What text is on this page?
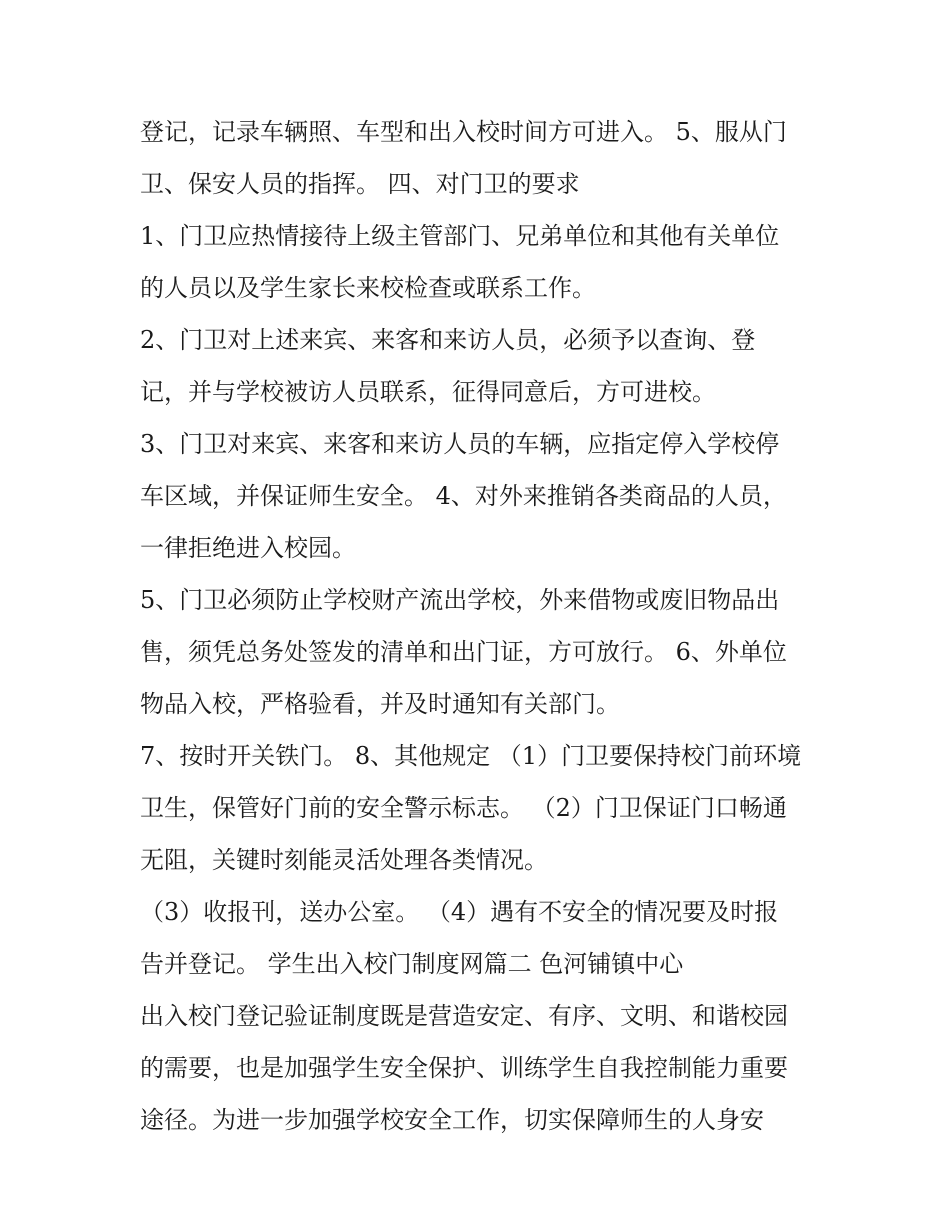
登记，记录车辆照、车型和出入校时间方可进入。 5、服从门
卫、保安人员的指挥。 四、对门卫的要求
1、门卫应热情接待上级主管部门、兄弟单位和其他有关单位
的人员以及学生家长来校检查或联系工作。
2、门卫对上述来宾、来客和来访人员，必须予以查询、登
记，并与学校被访人员联系，征得同意后，方可进校。
3、门卫对来宾、来客和来访人员的车辆，应指定停入学校停
车区域，并保证师生安全。 4、对外来推销各类商品的人员，
一律拒绝进入校园。
5、门卫必须防止学校财产流出学校，外来借物或废旧物品出
售，须凭总务处签发的清单和出门证，方可放行。 6、外单位
物品入校，严格验看，并及时通知有关部门。
7、按时开关铁门。 8、其他规定 （1）门卫要保持校门前环境
卫生，保管好门前的安全警示标志。 （2）门卫保证门口畅通
无阻，关键时刻能灵活处理各类情况。
（3）收报刊，送办公室。 （4）遇有不安全的情况要及时报
告并登记。 学生出入校门制度网篇二 色河铺镇中心
出入校门登记验证制度既是营造安定、有序、文明、和谐校园
的需要，也是加强学生安全保护、训练学生自我控制能力重要
途径。为进一步加强学校安全工作，切实保障师生的人身安
